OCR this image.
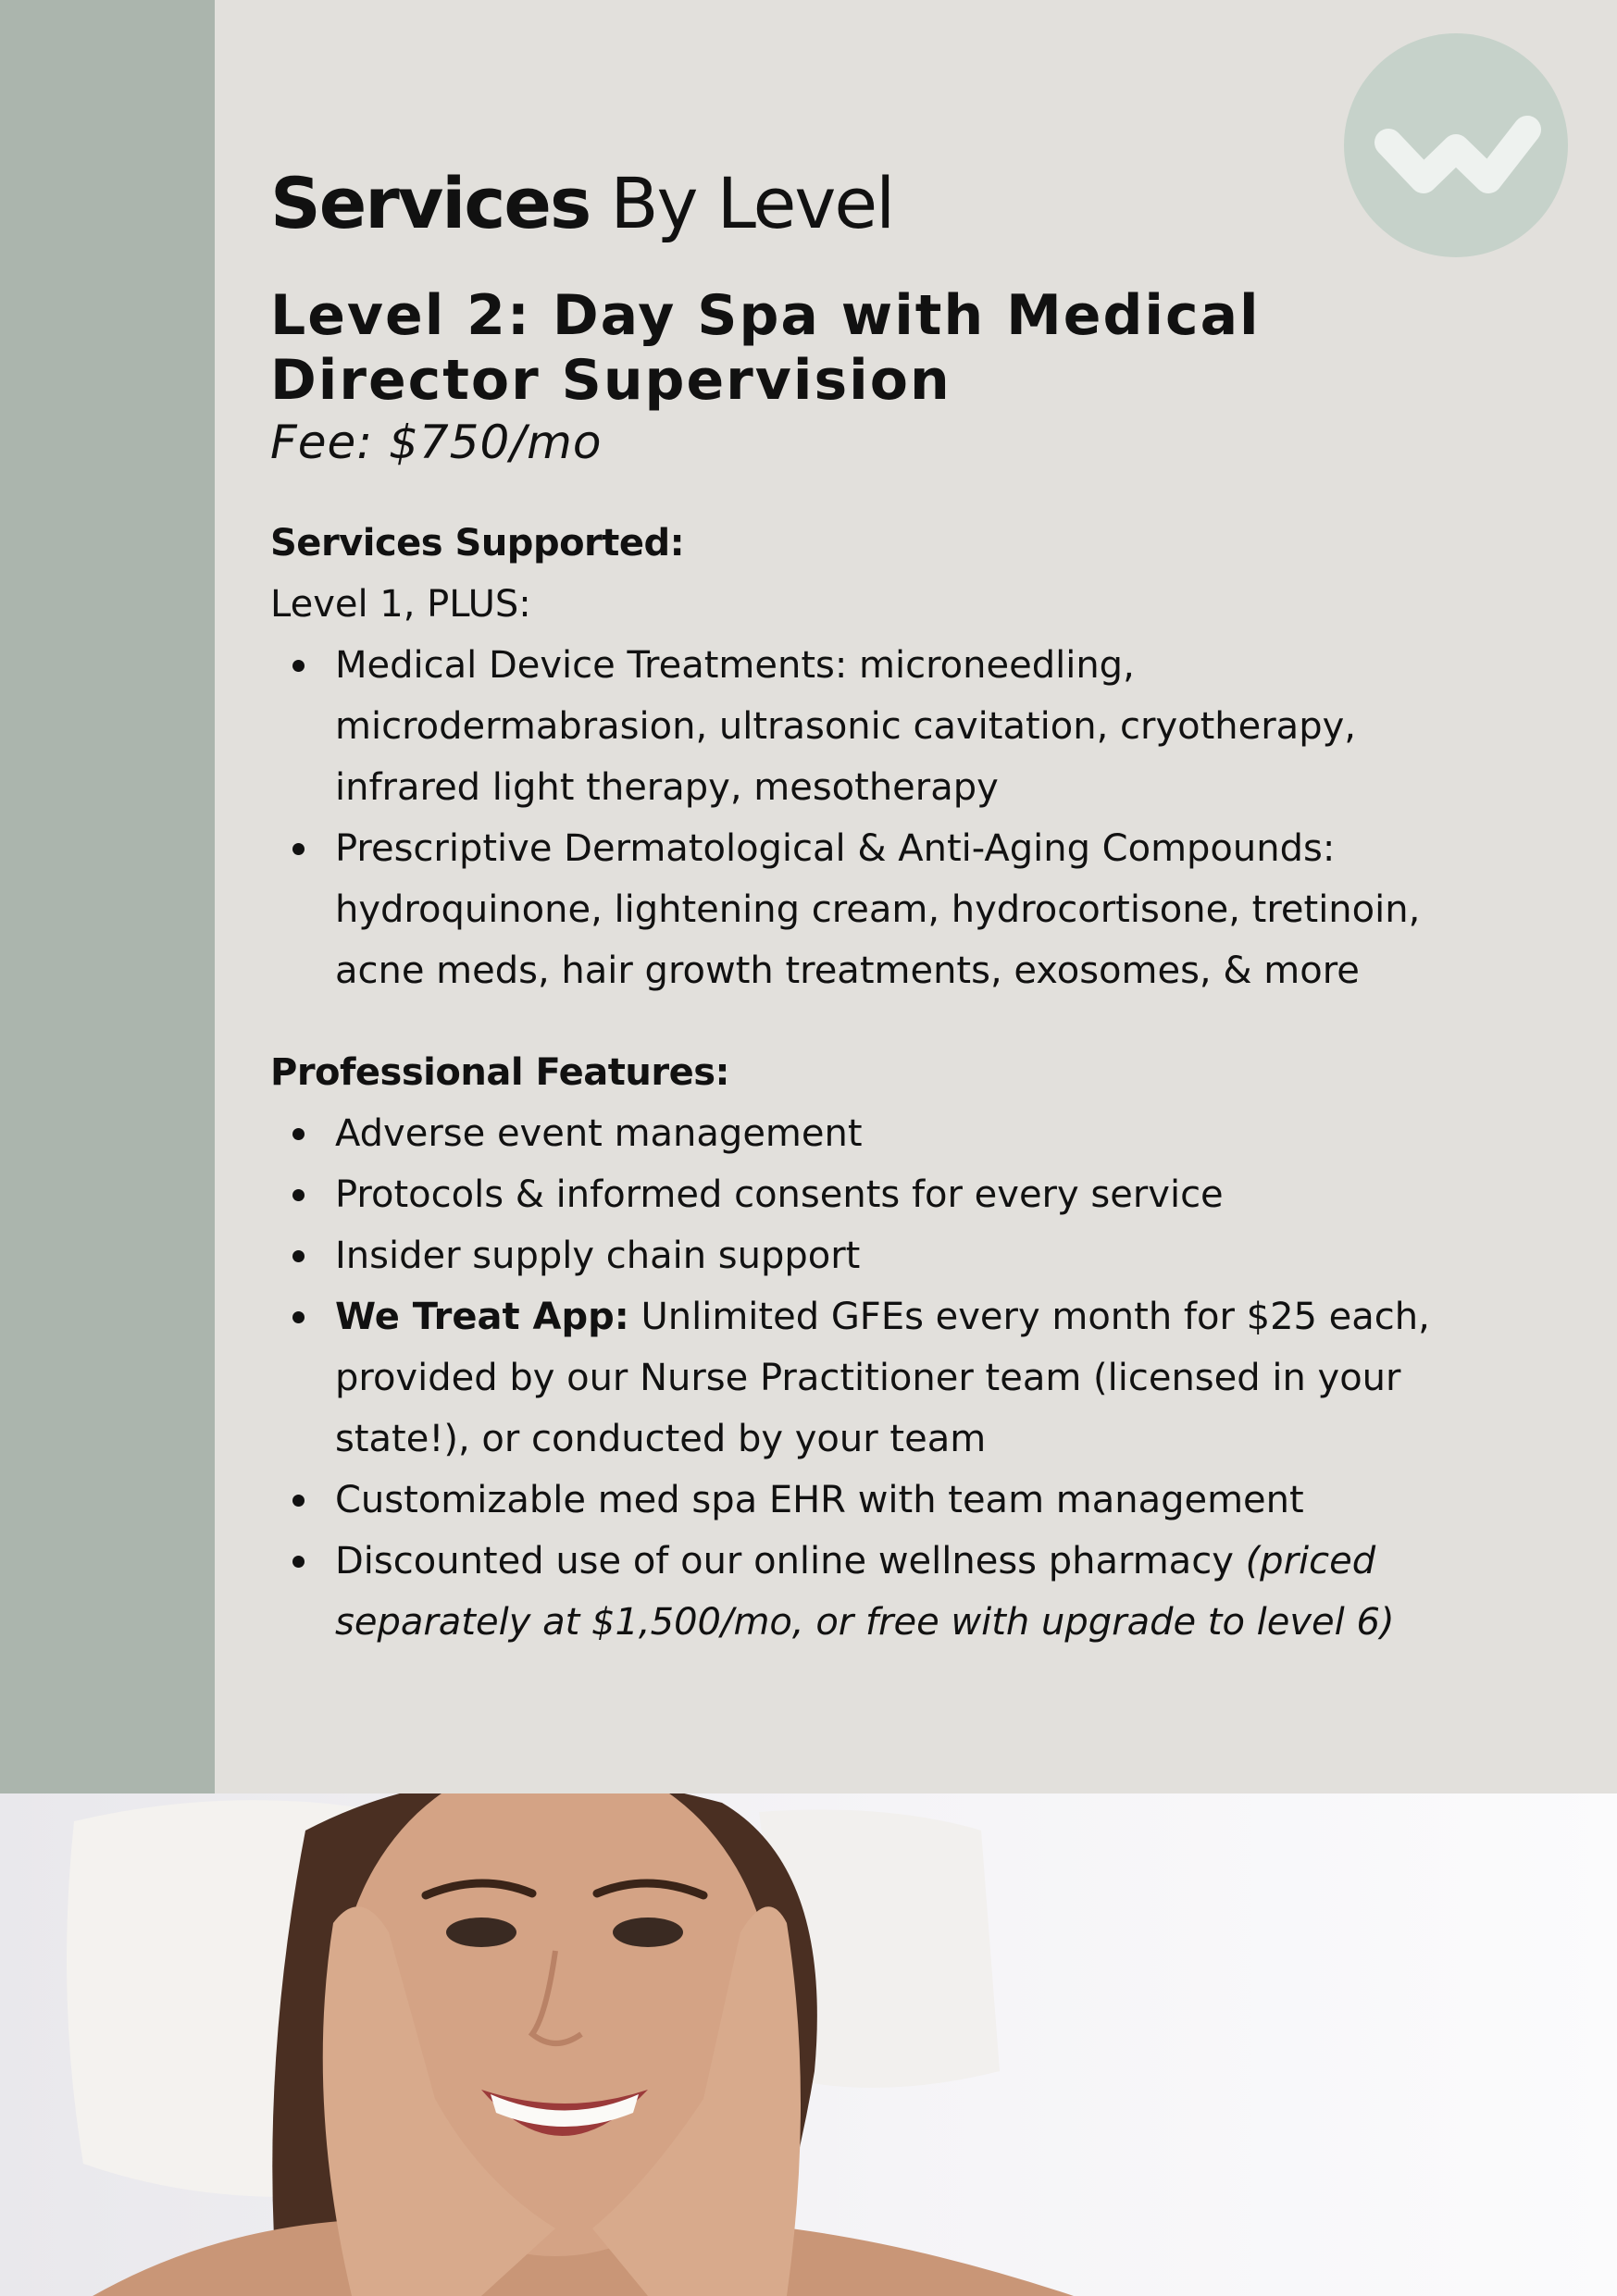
Services By Level
Level 2: Day Spa with Medical
Director Supervision

Fee: $750/mo

Services Supported:

Level 1, PLUS:

Medical Device Treatments: microneedling, microdermabrasion, ultrasonic cavitation, cryotherapy, infrared light therapy, mesotherapy
Prescriptive Dermatological & Anti-Aging Compounds: hydroquinone, lightening cream, hydrocortisone, tretinoin, acne meds, hair growth treatments, exosomes, & more

Professional Features:

Adverse event management
Protocols & informed consents for every service
Insider supply chain support
We Treat App: Unlimited GFEs every month for $25 each, provided by our Nurse Practitioner team (licensed in your state!), or conducted by your team
Customizable med spa EHR with team management
Discounted use of our online wellness pharmacy (priced separately at $1,500/mo, or free with upgrade to level 6)
